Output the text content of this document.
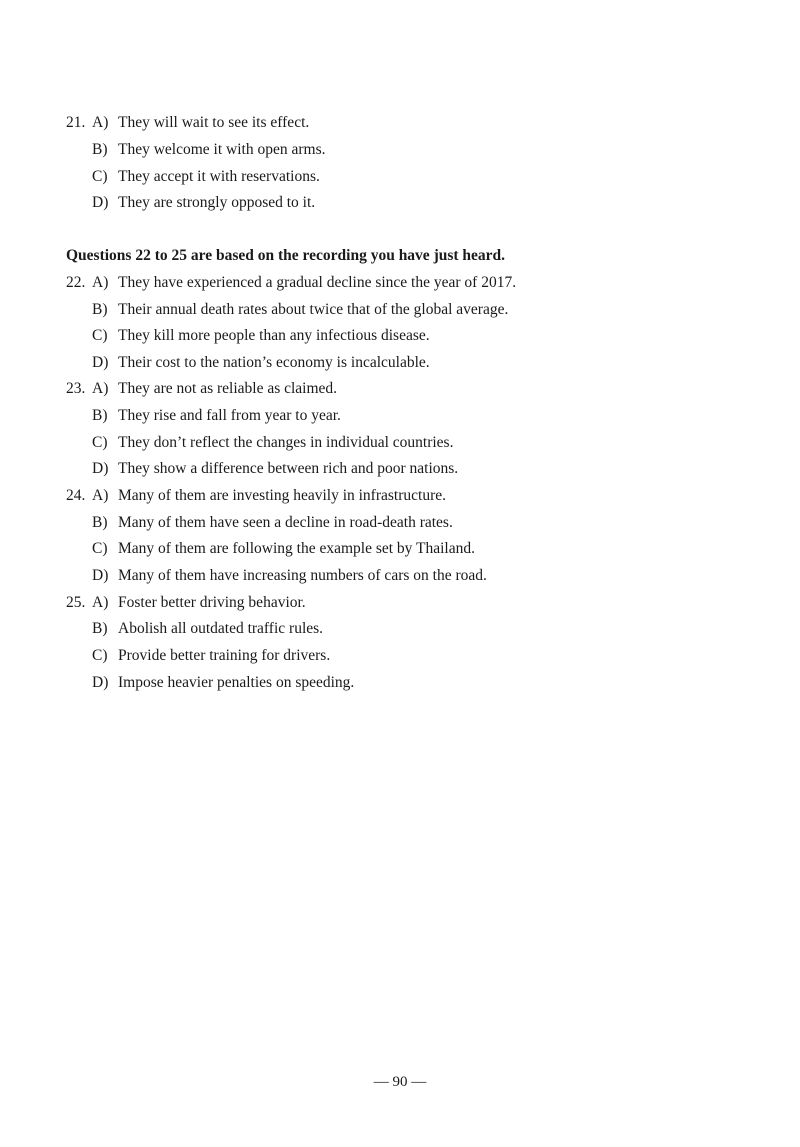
21. A) They will wait to see its effect.
B) They welcome it with open arms.
C) They accept it with reservations.
D) They are strongly opposed to it.
Questions 22 to 25 are based on the recording you have just heard.
22. A) They have experienced a gradual decline since the year of 2017.
B) Their annual death rates about twice that of the global average.
C) They kill more people than any infectious disease.
D) Their cost to the nation’s economy is incalculable.
23. A) They are not as reliable as claimed.
B) They rise and fall from year to year.
C) They don’t reflect the changes in individual countries.
D) They show a difference between rich and poor nations.
24. A) Many of them are investing heavily in infrastructure.
B) Many of them have seen a decline in road-death rates.
C) Many of them are following the example set by Thailand.
D) Many of them have increasing numbers of cars on the road.
25. A) Foster better driving behavior.
B) Abolish all outdated traffic rules.
C) Provide better training for drivers.
D) Impose heavier penalties on speeding.
— 90 —
